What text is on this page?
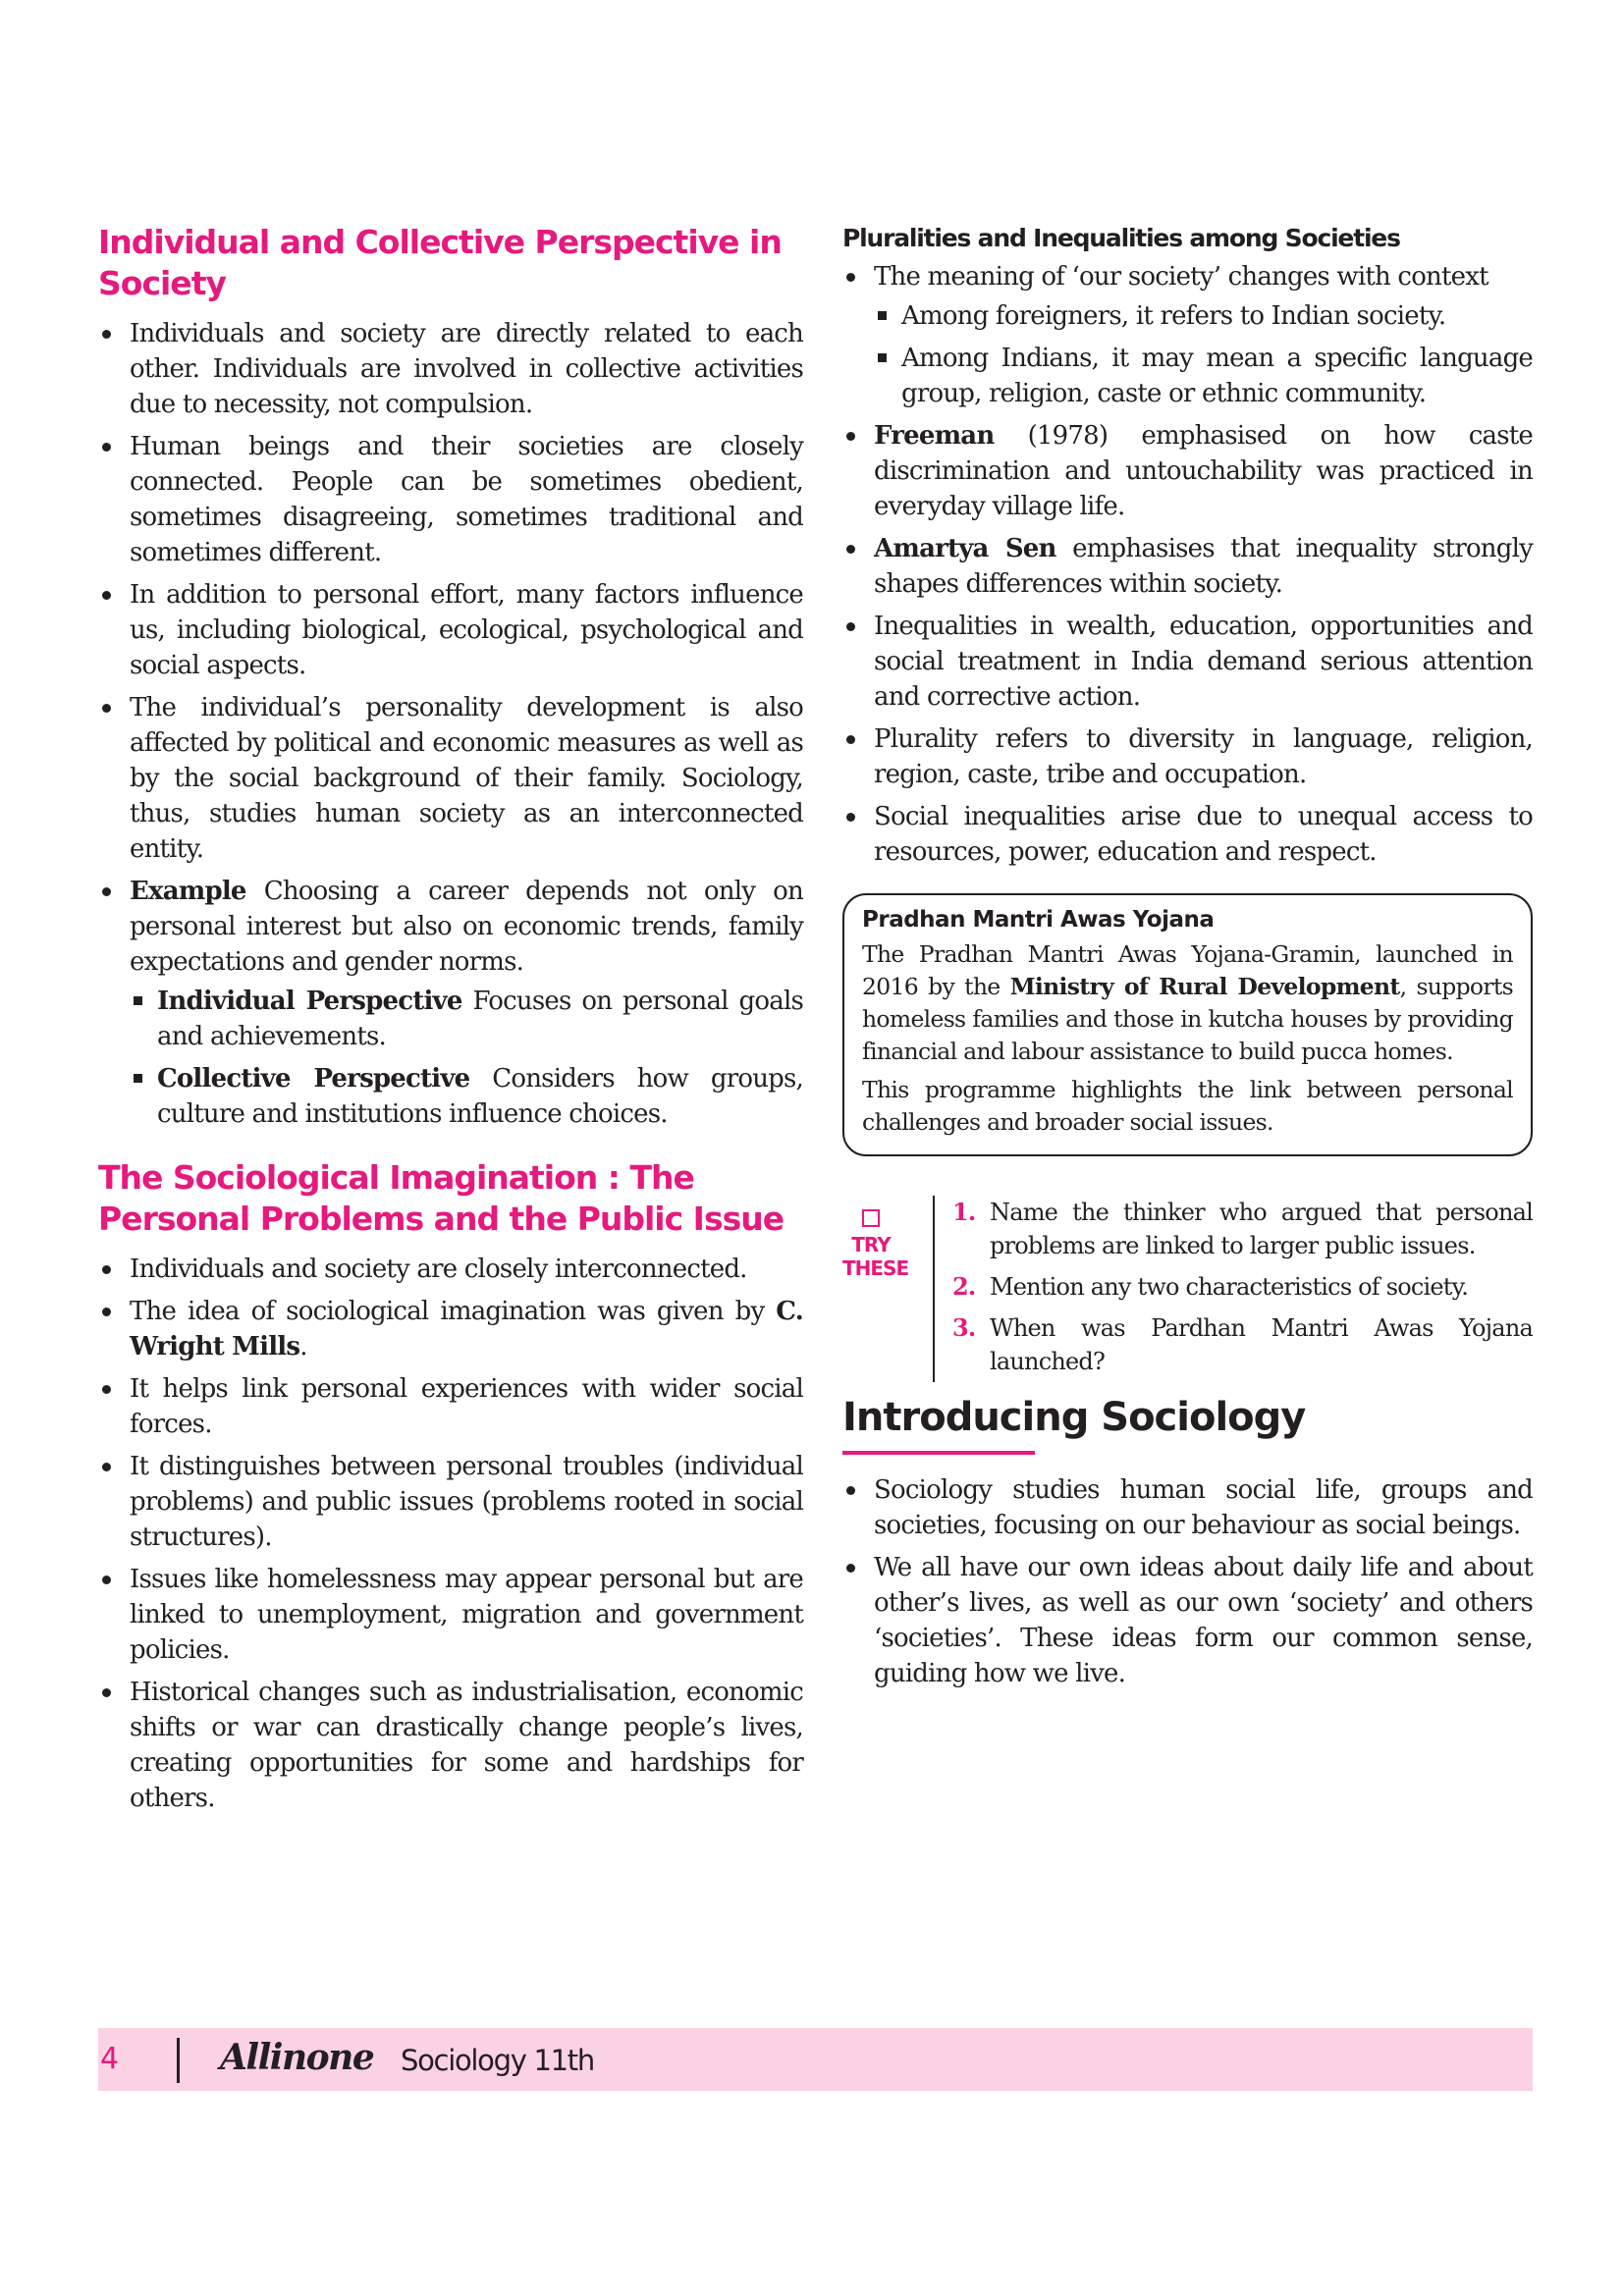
Individual and Collective Perspective in Society
Individuals and society are directly related to each other. Individuals are involved in collective activities due to necessity, not compulsion.
Human beings and their societies are closely connected. People can be sometimes obedient, sometimes disagreeing, sometimes traditional and sometimes different.
In addition to personal effort, many factors influence us, including biological, ecological, psychological and social aspects.
The individual’s personality development is also affected by political and economic measures as well as by the social background of their family. Sociology, thus, studies human society as an interconnected entity.
Example Choosing a career depends not only on personal interest but also on economic trends, family expectations and gender norms.
Individual Perspective Focuses on personal goals and achievements.
Collective Perspective Considers how groups, culture and institutions influence choices.
The Sociological Imagination : The Personal Problems and the Public Issue
Individuals and society are closely interconnected.
The idea of sociological imagination was given by C. Wright Mills.
It helps link personal experiences with wider social forces.
It distinguishes between personal troubles (individual problems) and public issues (problems rooted in social structures).
Issues like homelessness may appear personal but are linked to unemployment, migration and government policies.
Historical changes such as industrialisation, economic shifts or war can drastically change people’s lives, creating opportunities for some and hardships for others.
Pluralities and Inequalities among Societies
The meaning of ‘our society’ changes with context
Among foreigners, it refers to Indian society.
Among Indians, it may mean a specific language group, religion, caste or ethnic community.
Freeman (1978) emphasised on how caste discrimination and untouchability was practiced in everyday village life.
Amartya Sen emphasises that inequality strongly shapes differences within society.
Inequalities in wealth, education, opportunities and social treatment in India demand serious attention and corrective action.
Plurality refers to diversity in language, religion, region, caste, tribe and occupation.
Social inequalities arise due to unequal access to resources, power, education and respect.
Pradhan Mantri Awas Yojana

The Pradhan Mantri Awas Yojana-Gramin, launched in 2016 by the Ministry of Rural Development, supports homeless families and those in kutcha houses by providing financial and labour assistance to build pucca homes.

This programme highlights the link between personal challenges and broader social issues.

TRY
THESE
1. Name the thinker who argued that personal problems are linked to larger public issues.
2. Mention any two characteristics of society.
3. When was Pardhan Mantri Awas Yojana launched?
Introducing Sociology
Sociology studies human social life, groups and societies, focusing on our behaviour as social beings.
We all have our own ideas about daily life and about other’s lives, as well as our own ‘society’ and others ‘societies’. These ideas form our common sense, guiding how we live.
4	Allinone Sociology 11th
